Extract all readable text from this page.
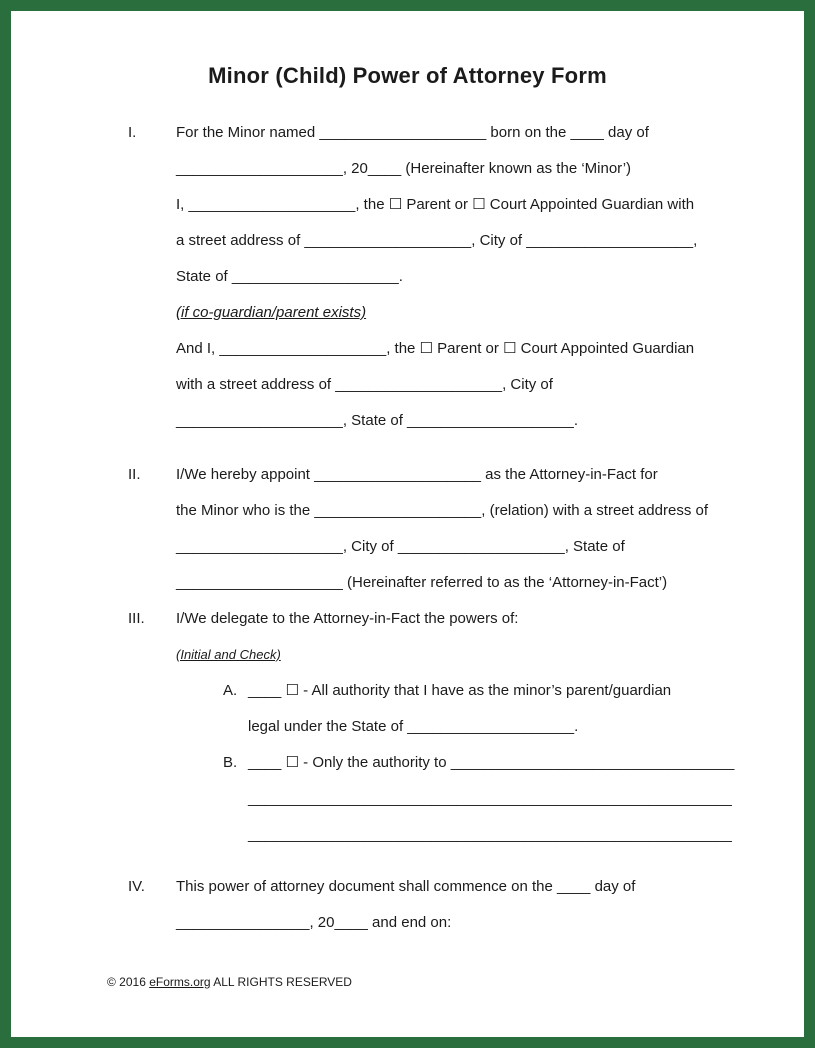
Minor (Child) Power of Attorney Form
I.	For the Minor named ____________________ born on the ____ day of
____________________, 20____ (Hereinafter known as the ‘Minor’)
I, ____________________, the ☐ Parent or ☐ Court Appointed Guardian with
a street address of ____________________, City of ____________________,
State of ____________________.
(if co-guardian/parent exists)
And I, ____________________, the ☐ Parent or ☐ Court Appointed Guardian
with a street address of ____________________, City of
____________________, State of ____________________.
II.	I/We hereby appoint ____________________ as the Attorney-in-Fact for
the Minor who is the ____________________, (relation) with a street address of
____________________, City of ____________________, State of
____________________ (Hereinafter referred to as the ‘Attorney-in-Fact’)
III.	I/We delegate to the Attorney-in-Fact the powers of:
(Initial and Check)
A. ____ ☐ - All authority that I have as the minor’s parent/guardian
legal under the State of ____________________.
B. ____ ☐ - Only the authority to __________________________________
__________________________________________________________
__________________________________________________________
IV.	This power of attorney document shall commence on the ____ day of
________________, 20____ and end on:
© 2016 eForms.org ALL RIGHTS RESERVED
